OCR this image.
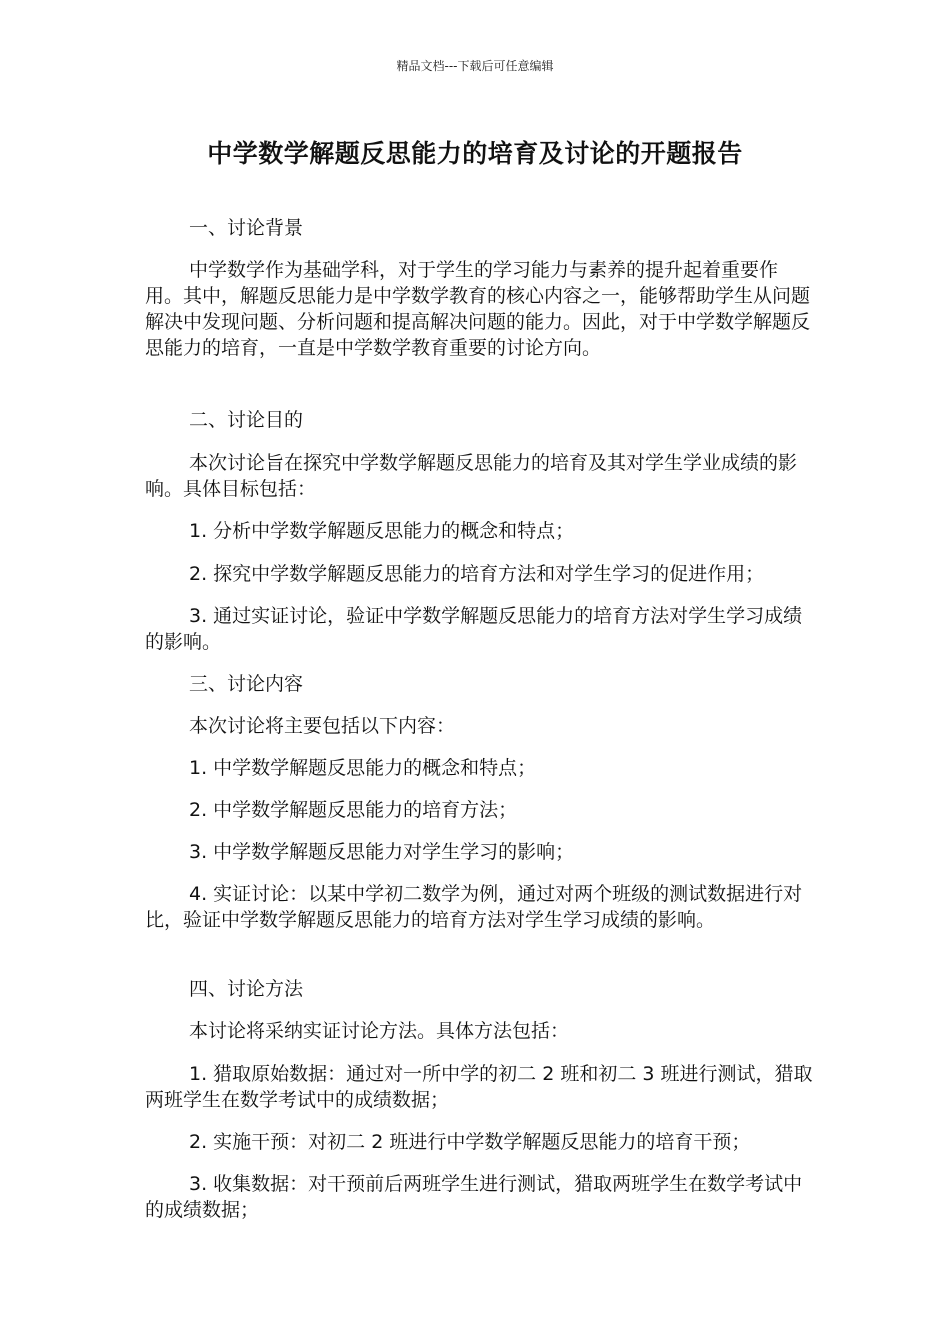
精品文档---下载后可任意编辑
中学数学解题反思能力的培育及讨论的开题报告

一、讨论背景

中学数学作为基础学科，对于学生的学习能力与素养的提升起着重要作用。其中，解题反思能力是中学数学教育的核心内容之一，能够帮助学生从问题解决中发现问题、分析问题和提高解决问题的能力。因此，对于中学数学解题反思能力的培育，一直是中学数学教育重要的讨论方向。

二、讨论目的

本次讨论旨在探究中学数学解题反思能力的培育及其对学生学业成绩的影响。具体目标包括：

1. 分析中学数学解题反思能力的概念和特点；

2. 探究中学数学解题反思能力的培育方法和对学生学习的促进作用；

3. 通过实证讨论，验证中学数学解题反思能力的培育方法对学生学习成绩的影响。

三、讨论内容

本次讨论将主要包括以下内容：

1. 中学数学解题反思能力的概念和特点；

2. 中学数学解题反思能力的培育方法；

3. 中学数学解题反思能力对学生学习的影响；

4. 实证讨论：以某中学初二数学为例，通过对两个班级的测试数据进行对比，验证中学数学解题反思能力的培育方法对学生学习成绩的影响。

四、讨论方法

本讨论将采纳实证讨论方法。具体方法包括：

1. 猎取原始数据：通过对一所中学的初二 2 班和初二 3 班进行测试，猎取两班学生在数学考试中的成绩数据；

2. 实施干预：对初二 2 班进行中学数学解题反思能力的培育干预；

3. 收集数据：对干预前后两班学生进行测试，猎取两班学生在数学考试中的成绩数据；
